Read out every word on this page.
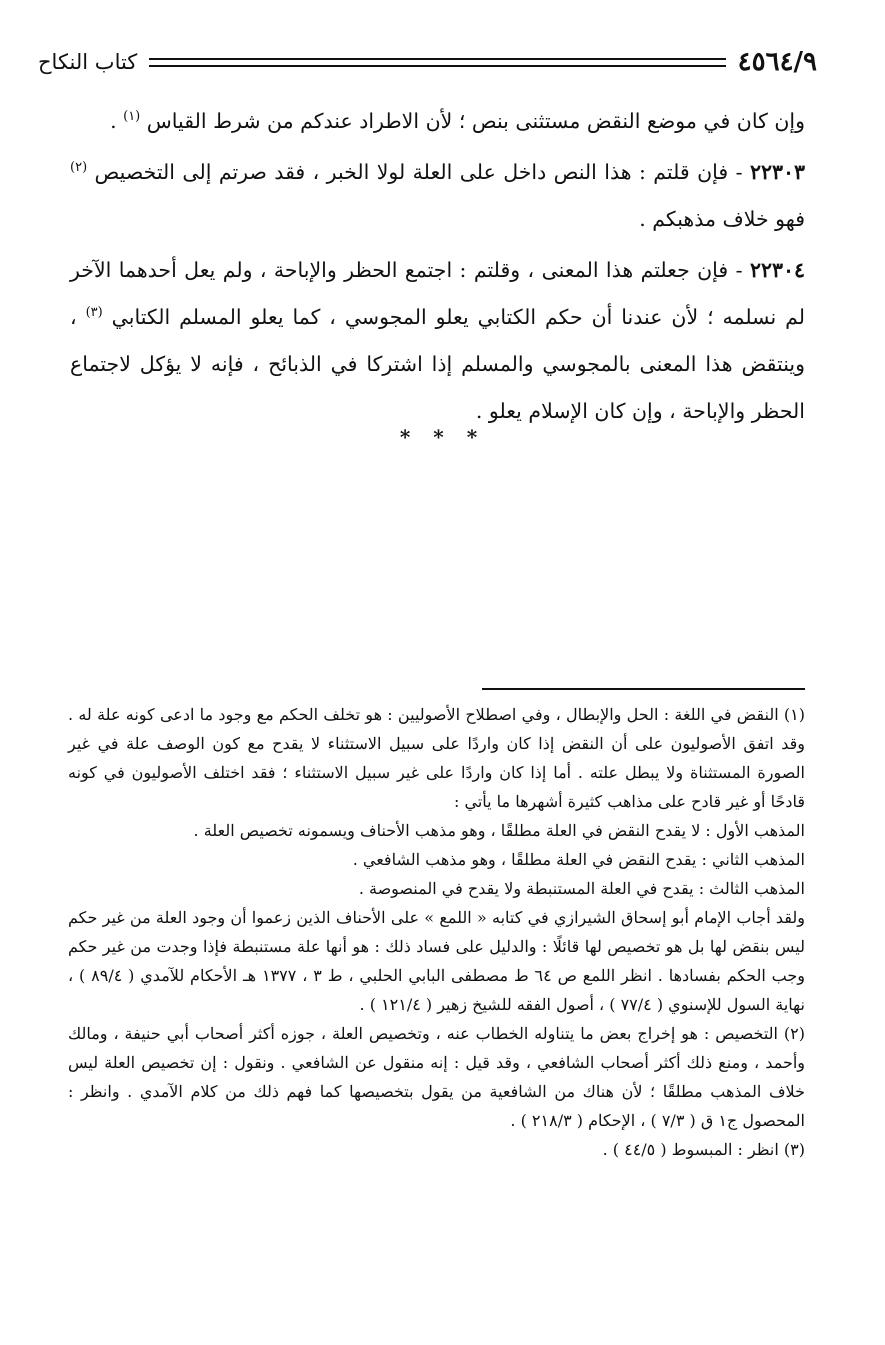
٤٥٦٤/٩
كتاب النكاح

وإن كان في موضع النقض مستثنى بنص ؛ لأن الاطراد عندكم من شرط القياس $^{(١)}$ .

٢٢٣٠٣ - فإن قلتم : هذا النص داخل على العلة لولا الخبر ، فقد صرتم إلى التخصيص $^{(٢)}$ فهو خلاف مذهبكم .

٢٢٣٠٤ - فإن جعلتم هذا المعنى ، وقلتم : اجتمع الحظر والإباحة ، ولم يعل أحدهما الآخر لم نسلمه ؛ لأن عندنا أن حكم الكتابي يعلو المجوسي ، كما يعلو المسلم الكتابي $^{(٣)}$ ، وينتقض هذا المعنى بالمجوسي والمسلم إذا اشتركا في الذبائح ، فإنه لا يؤكل لاجتماع الحظر والإباحة ، وإن كان الإسلام يعلو .

* * *

(١) النقض في اللغة : الحل والإبطال ، وفي اصطلاح الأصوليين : هو تخلف الحكم مع وجود ما ادعى كونه علة له . وقد اتفق الأصوليون على أن النقض إذا كان واردًا على سبيل الاستثناء لا يقدح مع كون الوصف علة في غير الصورة المستثناة ولا يبطل علته . أما إذا كان واردًا على غير سبيل الاستثناء ؛ فقد اختلف الأصوليون في كونه قادحًا أو غير قادح على مذاهب كثيرة أشهرها ما يأتي :

المذهب الأول : لا يقدح النقض في العلة مطلقًا ، وهو مذهب الأحناف ويسمونه تخصيص العلة .

المذهب الثاني : يقدح النقض في العلة مطلقًا ، وهو مذهب الشافعي .

المذهب الثالث : يقدح في العلة المستنبطة ولا يقدح في المنصوصة .

ولقد أجاب الإمام أبو إسحاق الشيرازي في كتابه « اللمع » على الأحناف الذين زعموا أن وجود العلة من غير حكم ليس بنقض لها بل هو تخصيص لها قائلًا : والدليل على فساد ذلك : هو أنها علة مستنبطة فإذا وجدت من غير حكم وجب الحكم بفسادها . انظر اللمع ص ٦٤ ط مصطفى البابي الحلبي ، ط ٣ ، ١٣٧٧ هـ الأحكام للآمدي ( ٨٩/٤ ) ، نهاية السول للإسنوي ( ٧٧/٤ ) ، أصول الفقه للشيخ زهير ( ١٢١/٤ ) .

(٢) التخصيص : هو إخراج بعض ما يتناوله الخطاب عنه ، وتخصيص العلة ، جوزه أكثر أصحاب أبي حنيفة ، ومالك وأحمد ، ومنع ذلك أكثر أصحاب الشافعي ، وقد قيل : إنه منقول عن الشافعي . ونقول : إن تخصيص العلة ليس خلاف المذهب مطلقًا ؛ لأن هناك من الشافعية من يقول بتخصيصها كما فهم ذلك من كلام الآمدي . وانظر : المحصول ج١ ق ( ٧/٣ ) ، الإحكام ( ٢١٨/٣ ) .

(٣) انظر : المبسوط ( ٤٤/٥ ) .
